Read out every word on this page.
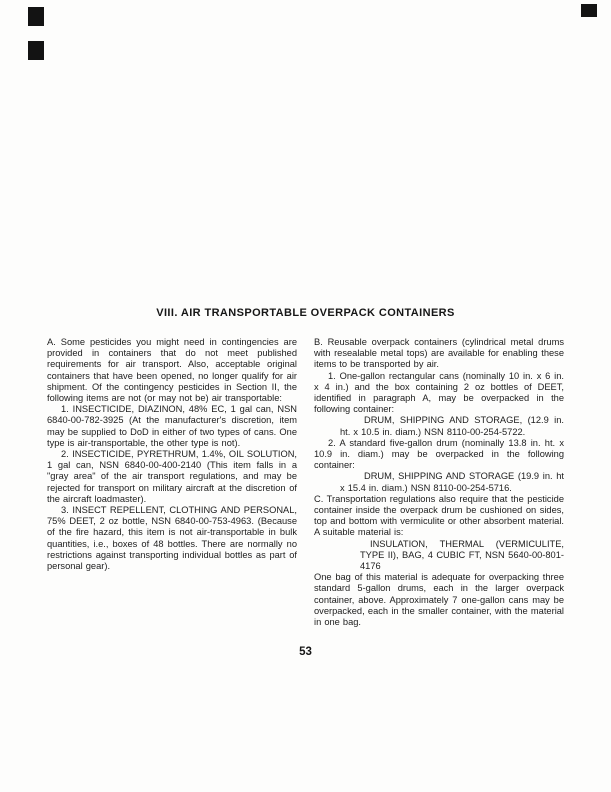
VIII. AIR TRANSPORTABLE OVERPACK CONTAINERS

A. Some pesticides you might need in contingencies are provided in containers that do not meet published requirements for air transport. Also, acceptable original containers that have been opened, no longer qualify for air shipment. Of the contingency pesticides in Section II, the following items are not (or may not be) air transportable:

1. INSECTICIDE, DIAZINON, 48% EC, 1 gal can, NSN 6840-00-782-3925 (At the manufacturer's discretion, item may be supplied to DoD in either of two types of cans. One type is air-transportable, the other type is not).

2. INSECTICIDE, PYRETHRUM, 1.4%, OIL SOLUTION, 1 gal can, NSN 6840-00-400-2140 (This item falls in a "gray area" of the air transport regulations, and may be rejected for transport on military aircraft at the discretion of the aircraft loadmaster).

3. INSECT REPELLENT, CLOTHING AND PERSONAL, 75% DEET, 2 oz bottle, NSN 6840-00-753-4963. (Because of the fire hazard, this item is not air-transportable in bulk quantities, i.e., boxes of 48 bottles. There are normally no restrictions against transporting individual bottles as part of personal gear).

B. Reusable overpack containers (cylindrical metal drums with resealable metal tops) are available for enabling these items to be transported by air.

1. One-gallon rectangular cans (nominally 10 in. x 6 in. x 4 in.) and the box containing 2 oz bottles of DEET, identified in paragraph A, may be overpacked in the following container:

DRUM, SHIPPING AND STORAGE, (12.9 in. ht. x 10.5 in. diam.) NSN 8110-00-254-5722.

2. A standard five-gallon drum (nominally 13.8 in. ht. x 10.9 in. diam.) may be overpacked in the following container:

DRUM, SHIPPING AND STORAGE (19.9 in. ht x 15.4 in. diam.) NSN 8110-00-254-5716.

C. Transportation regulations also require that the pesticide container inside the overpack drum be cushioned on sides, top and bottom with vermiculite or other absorbent material. A suitable material is:

INSULATION, THERMAL (VERMICULITE, TYPE II), BAG, 4 CUBIC FT, NSN 5640-00-801-4176

One bag of this material is adequate for overpacking three standard 5-gallon drums, each in the larger overpack container, above. Approximately 7 one-gallon cans may be overpacked, each in the smaller container, with the material in one bag.

53
